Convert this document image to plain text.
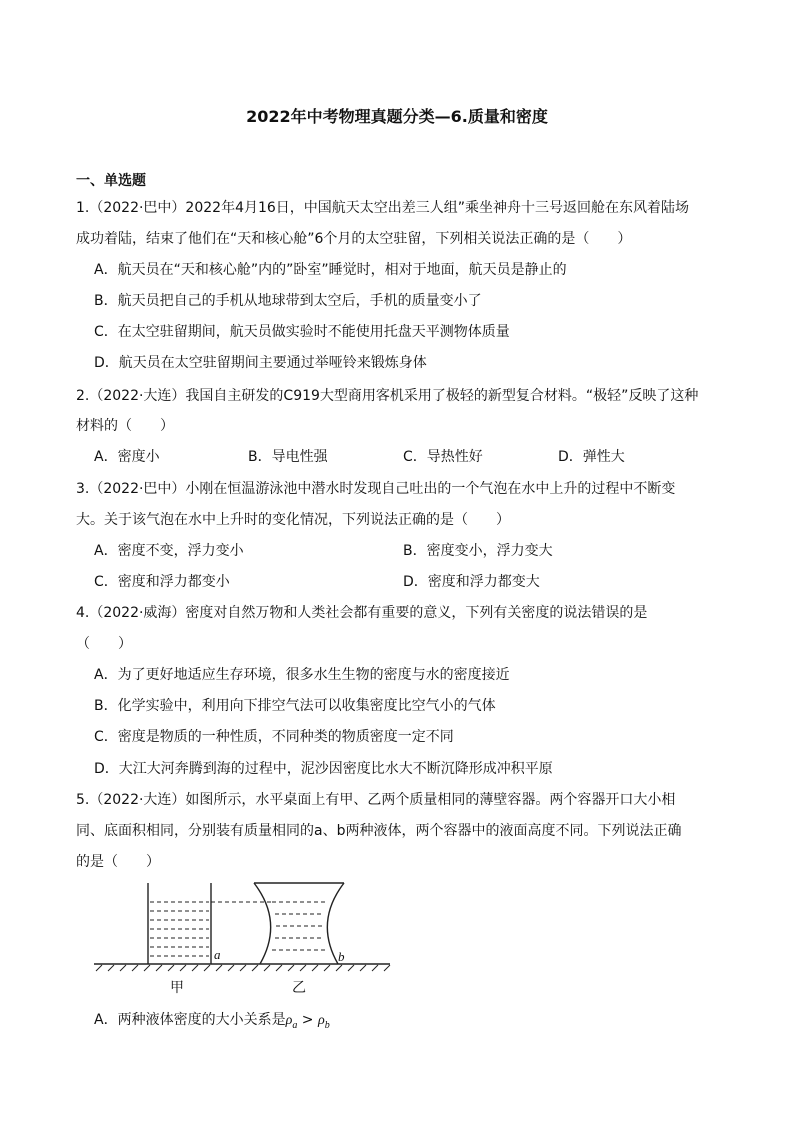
2022年中考物理真题分类—6.质量和密度
一、单选题
1.（2022·巴中）2022年4月16日，中国航天太空出差三人组”乘坐神舟十三号返回舱在东风着陆场
成功着陆，结束了他们在“天和核心舱”6个月的太空驻留，下列相关说法正确的是（　　）
A．航天员在“天和核心舱”内的”卧室”睡觉时，相对于地面，航天员是静止的
B．航天员把自己的手机从地球带到太空后，手机的质量变小了
C．在太空驻留期间，航天员做实验时不能使用托盘天平测物体质量
D．航天员在太空驻留期间主要通过举哑铃来锻炼身体
2.（2022·大连）我国自主研发的C919大型商用客机采用了极轻的新型复合材料。“极轻”反映了这种
材料的（　　）
A．密度小	B．导电性强	C．导热性好	D．弹性大
3.（2022·巴中）小刚在恒温游泳池中潜水时发现自己吐出的一个气泡在水中上升的过程中不断变
大。关于该气泡在水中上升时的变化情况，下列说法正确的是（　　）
A．密度不变，浮力变小	B．密度变小，浮力变大
C．密度和浮力都变小	D．密度和浮力都变大
4.（2022·威海）密度对自然万物和人类社会都有重要的意义，下列有关密度的说法错误的是
（　　）
A．为了更好地适应生存环境，很多水生生物的密度与水的密度接近
B．化学实验中，利用向下排空气法可以收集密度比空气小的气体
C．密度是物质的一种性质，不同种类的物质密度一定不同
D．大江大河奔腾到海的过程中，泥沙因密度比水大不断沉降形成冲积平原
5.（2022·大连）如图所示，水平桌面上有甲、乙两个质量相同的薄壁容器。两个容器开口大小相
同、底面积相同，分别装有质量相同的a、b两种液体，两个容器中的液面高度不同。下列说法正确
的是（　　）
a	b
甲	乙
A．两种液体密度的大小关系是$\rho_a > \rho_b$
